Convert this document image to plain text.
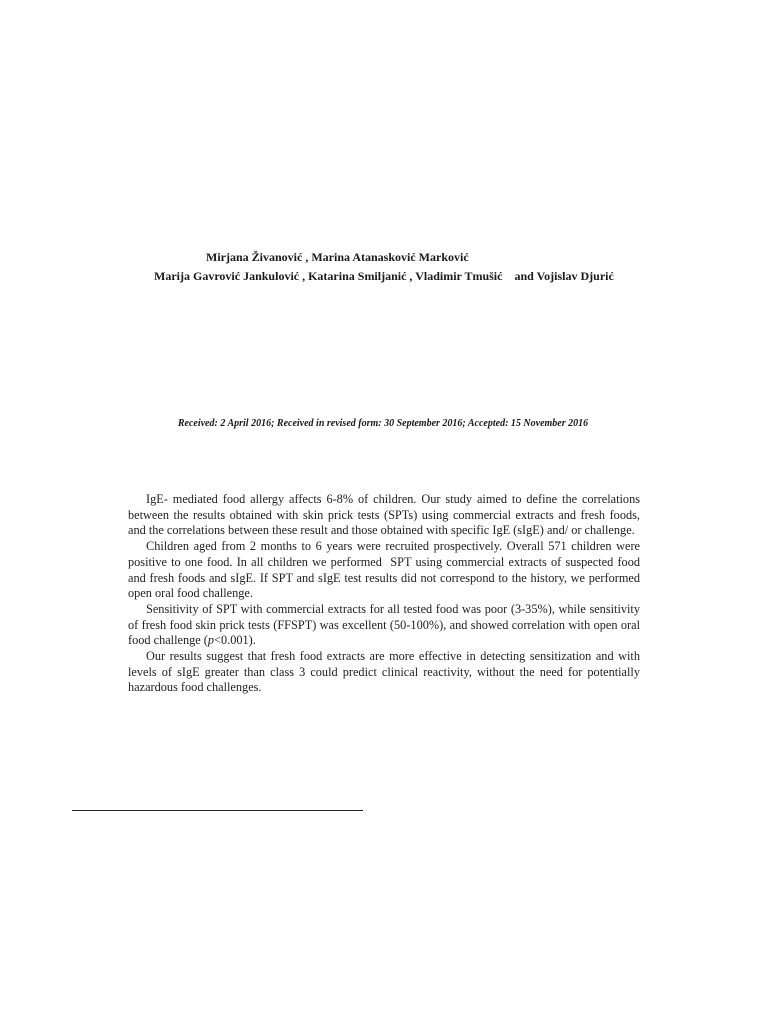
Mirjana Živanović , Marina Atanasković Marković
Marija Gavrović Jankulović , Katarina Smiljanić , Vladimir Tmušić    and Vojislav Djurić
Received: 2 April 2016; Received in revised form: 30 September 2016; Accepted: 15 November 2016

IgE- mediated food allergy affects 6-8% of children. Our study aimed to define the correlations between the results obtained with skin prick tests (SPTs) using commercial extracts and fresh foods, and the correlations between these result and those obtained with specific IgE (sIgE) and/ or challenge.

Children aged from 2 months to 6 years were recruited prospectively. Overall 571 children were positive to one food. In all children we performed  SPT using commercial extracts of suspected food and fresh foods and sIgE. If SPT and sIgE test results did not correspond to the history, we performed open oral food challenge.

Sensitivity of SPT with commercial extracts for all tested food was poor (3-35%), while sensitivity of fresh food skin prick tests (FFSPT) was excellent (50-100%), and showed correlation with open oral food challenge (p<0.001).

Our results suggest that fresh food extracts are more effective in detecting sensitization and with levels of sIgE greater than class 3 could predict clinical reactivity, without the need for potentially hazardous food challenges.
